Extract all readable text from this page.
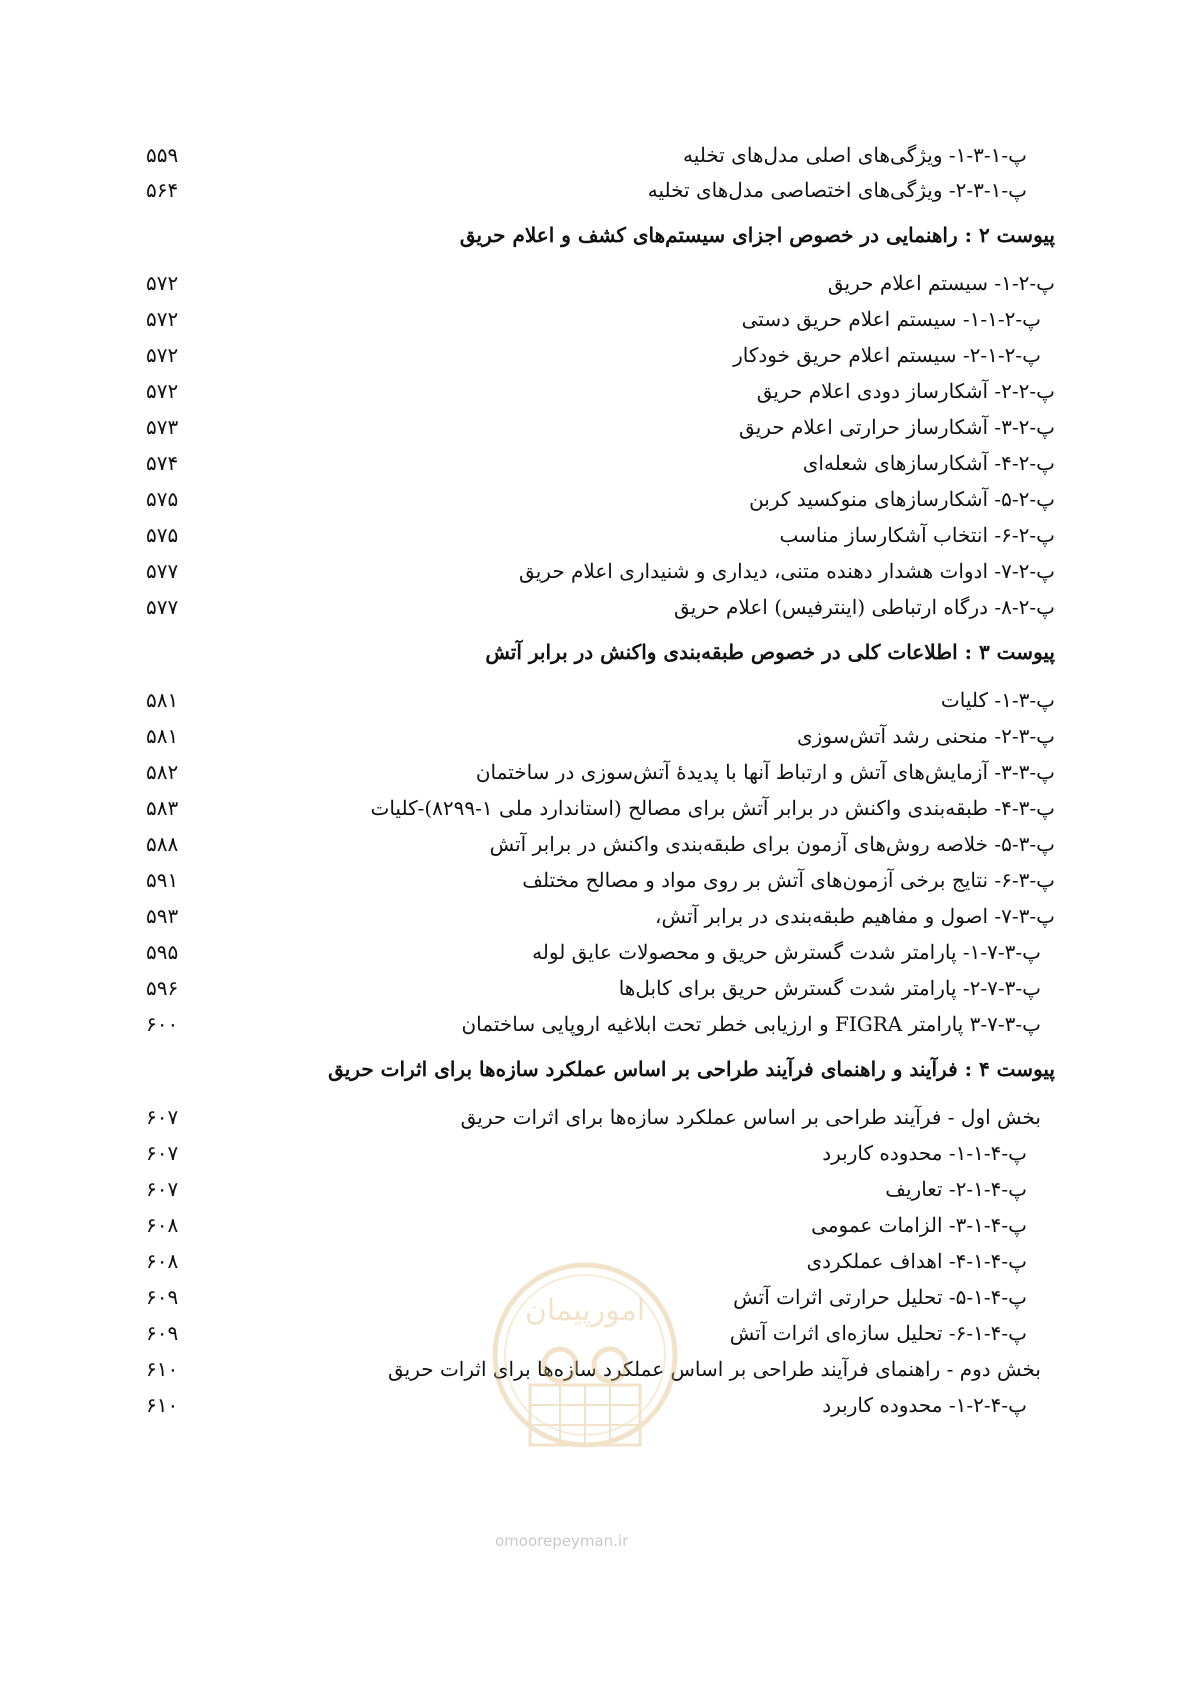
پ-۱-۳-۱- ویژگی‌های اصلی مدل‌های تخلیه
۵۵۹
پ-۱-۳-۲- ویژگی‌های اختصاصی مدل‌های تخلیه
۵۶۴
پیوست ۲ : راهنمایی در خصوص اجزای سیستم‌های کشف و اعلام حریق
پ-۲-۱- سیستم اعلام حریق
۵۷۲
پ-۲-۱-۱- سیستم اعلام حریق دستی
۵۷۲
پ-۲-۱-۲- سیستم اعلام حریق خودکار
۵۷۲
پ-۲-۲- آشکارساز دودی اعلام حریق
۵۷۲
پ-۲-۳- آشکارساز حرارتی اعلام حریق
۵۷۳
پ-۲-۴- آشکارسازهای شعله‌ای
۵۷۴
پ-۲-۵- آشکارسازهای منوکسید کربن
۵۷۵
پ-۲-۶- انتخاب آشکارساز مناسب
۵۷۵
پ-۲-۷- ادوات هشدار دهنده متنی، دیداری و شنیداری اعلام حریق
۵۷۷
پ-۲-۸- درگاه ارتباطی (اینترفیس) اعلام حریق
۵۷۷
پیوست ۳ : اطلاعات کلی در خصوص طبقه‌بندی واکنش در برابر آتش
پ-۳-۱- کلیات
۵۸۱
پ-۳-۲- منحنی رشد آتش‌سوزی
۵۸۱
پ-۳-۳- آزمایش‌های آتش و ارتباط آنها با پدیدهٔ آتش‌سوزی در ساختمان
۵۸۲
پ-۳-۴- طبقه‌بندی واکنش در برابر آتش برای مصالح (استاندارد ملی ۱-۸۲۹۹)-کلیات
۵۸۳
پ-۳-۵- خلاصه روش‌های آزمون برای طبقه‌بندی واکنش در برابر آتش
۵۸۸
پ-۳-۶- نتایج برخی آزمون‌های آتش بر روی مواد و مصالح مختلف
۵۹۱
پ-۳-۷- اصول و مفاهیم طبقه‌بندی در برابر آتش،
۵۹۳
پ-۳-۷-۱- پارامتر شدت گسترش حریق و محصولات عایق لوله
۵۹۵
پ-۳-۷-۲- پارامتر شدت گسترش حریق برای کابل‌ها
۵۹۶
پ-۳-۷-۳ پارامتر FIGRA و ارزیابی خطر تحت ابلاغیه اروپایی ساختمان
۶۰۰
پیوست ۴ : فرآیند و راهنمای فرآیند طراحی بر اساس عملکرد سازه‌ها برای اثرات حریق
بخش اول - فرآیند طراحی بر اساس عملکرد سازه‌ها برای اثرات حریق
۶۰۷
پ-۴-۱-۱- محدوده کاربرد
۶۰۷
پ-۴-۱-۲- تعاریف
۶۰۷
پ-۴-۱-۳- الزامات عمومی
۶۰۸
پ-۴-۱-۴- اهداف عملکردی
۶۰۸
پ-۴-۱-۵- تحلیل حرارتی اثرات آتش
۶۰۹
پ-۴-۱-۶- تحلیل سازه‌ای اثرات آتش
۶۰۹
بخش دوم - راهنمای فرآیند طراحی بر اساس عملکرد سازه‌ها برای اثرات حریق
۶۱۰
پ-۴-۲-۱- محدوده کاربرد
۶۱۰
امورپیمان
omoorepeyman.ir
